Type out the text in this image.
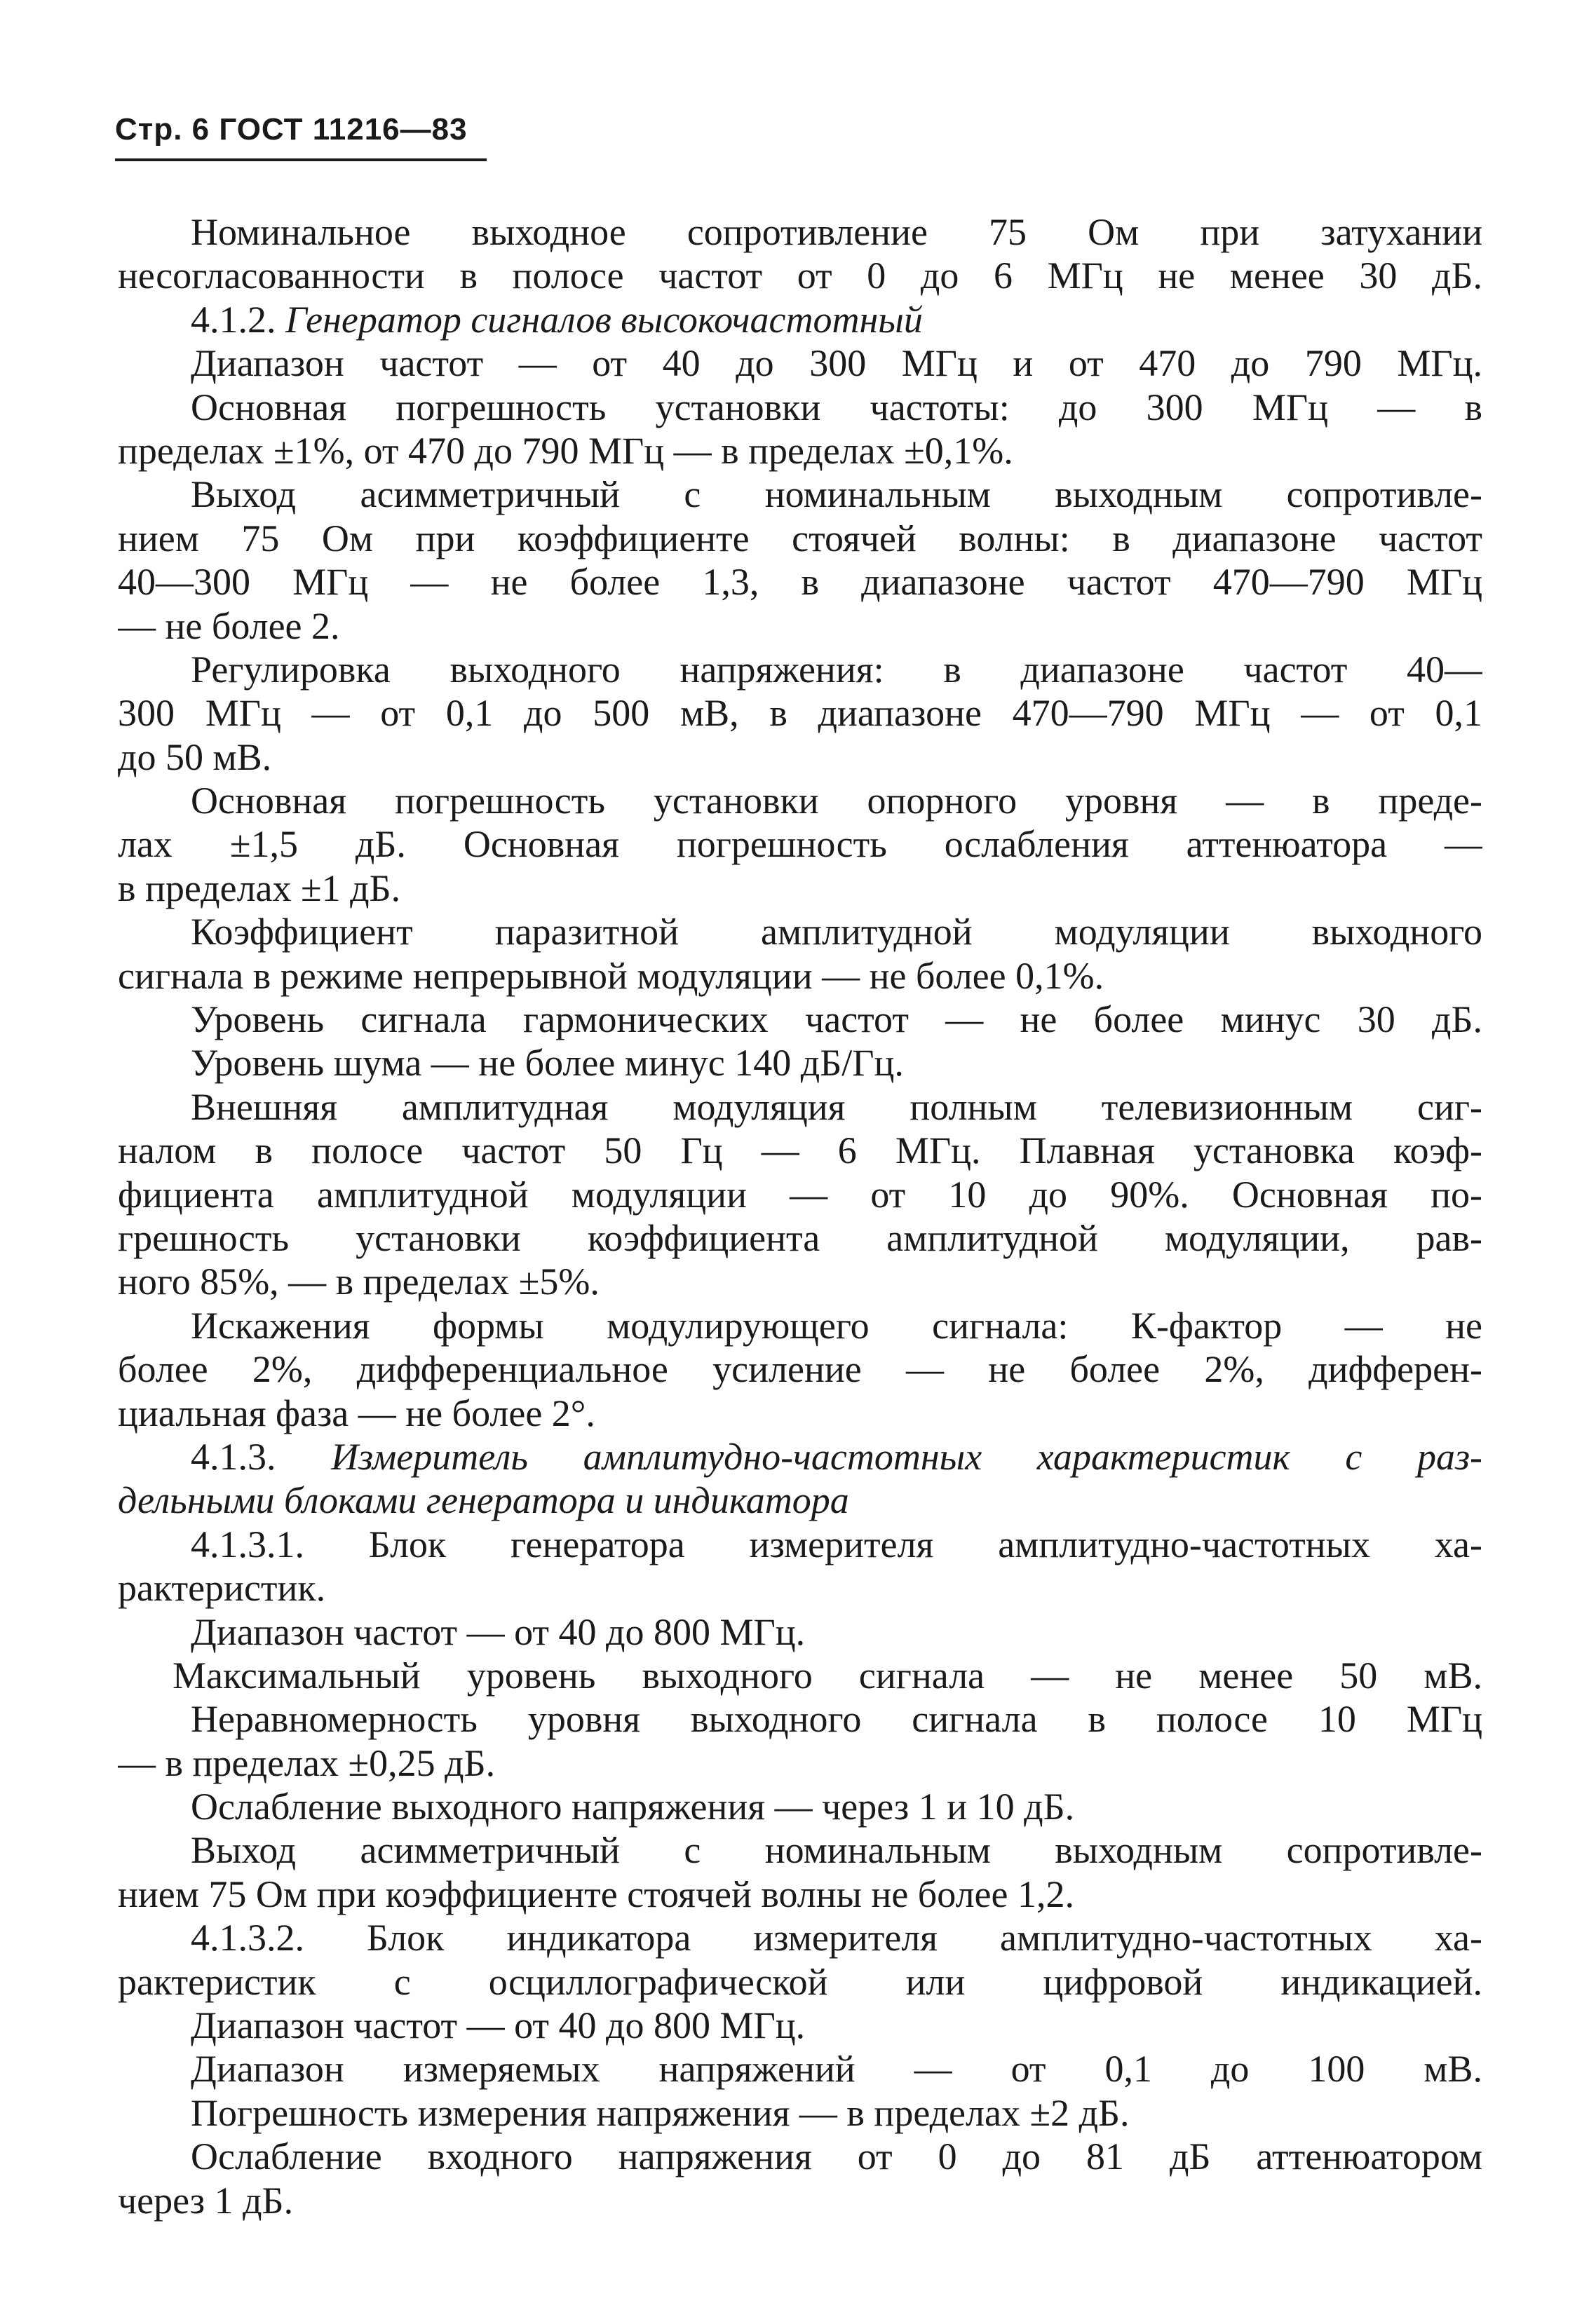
Стр. 6 ГОСТ 11216—83
Номинальное выходное сопротивление 75 Ом при затухании
несогласованности в полосе частот от 0 до 6 МГц не менее 30 дБ.
4.1.2. Генератор сигналов высокочастотный
Диапазон частот — от 40 до 300 МГц и от 470 до 790 МГц.
Основная погрешность установки частоты: до 300 МГц — в
пределах ±1%, от 470 до 790 МГц — в пределах ±0,1%.
Выход асимметричный с номинальным выходным сопротивле-
нием 75 Ом при коэффициенте стоячей волны: в диапазоне частот
40—300 МГц — не более 1,3, в диапазоне частот 470—790 МГц
— не более 2.
Регулировка выходного напряжения: в диапазоне частот 40—
300 МГц — от 0,1 до 500 мВ, в диапазоне 470—790 МГц — от 0,1
до 50 мВ.
Основная погрешность установки опорного уровня — в преде-
лах ±1,5 дБ. Основная погрешность ослабления аттенюатора —
в пределах ±1 дБ.
Коэффициент паразитной амплитудной модуляции выходного
сигнала в режиме непрерывной модуляции — не более 0,1%.
Уровень сигнала гармонических частот — не более минус 30 дБ.
Уровень шума — не более минус 140 дБ/Гц.
Внешняя амплитудная модуляция полным телевизионным сиг-
налом в полосе частот 50 Гц — 6 МГц. Плавная установка коэф-
фициента амплитудной модуляции — от 10 до 90%. Основная по-
грешность установки коэффициента амплитудной модуляции, рав-
ного 85%, — в пределах ±5%.
Искажения формы модулирующего сигнала: К-фактор — не
более 2%, дифференциальное усиление — не более 2%, дифферен-
циальная фаза — не более 2°.
4.1.3. Измеритель амплитудно-частотных характеристик с раз-
дельными блоками генератора и индикатора
4.1.3.1. Блок генератора измерителя амплитудно-частотных ха-
рактеристик.
Диапазон частот — от 40 до 800 МГц.
Максимальный уровень выходного сигнала — не менее 50 мВ.
Неравномерность уровня выходного сигнала в полосе 10 МГц
— в пределах ±0,25 дБ.
Ослабление выходного напряжения — через 1 и 10 дБ.
Выход асимметричный с номинальным выходным сопротивле-
нием 75 Ом при коэффициенте стоячей волны не более 1,2.
4.1.3.2. Блок индикатора измерителя амплитудно-частотных ха-
рактеристик с осциллографической или цифровой индикацией.
Диапазон частот — от 40 до 800 МГц.
Диапазон измеряемых напряжений — от 0,1 до 100 мВ.
Погрешность измерения напряжения — в пределах ±2 дБ.
Ослабление входного напряжения от 0 до 81 дБ аттенюатором
через 1 дБ.
